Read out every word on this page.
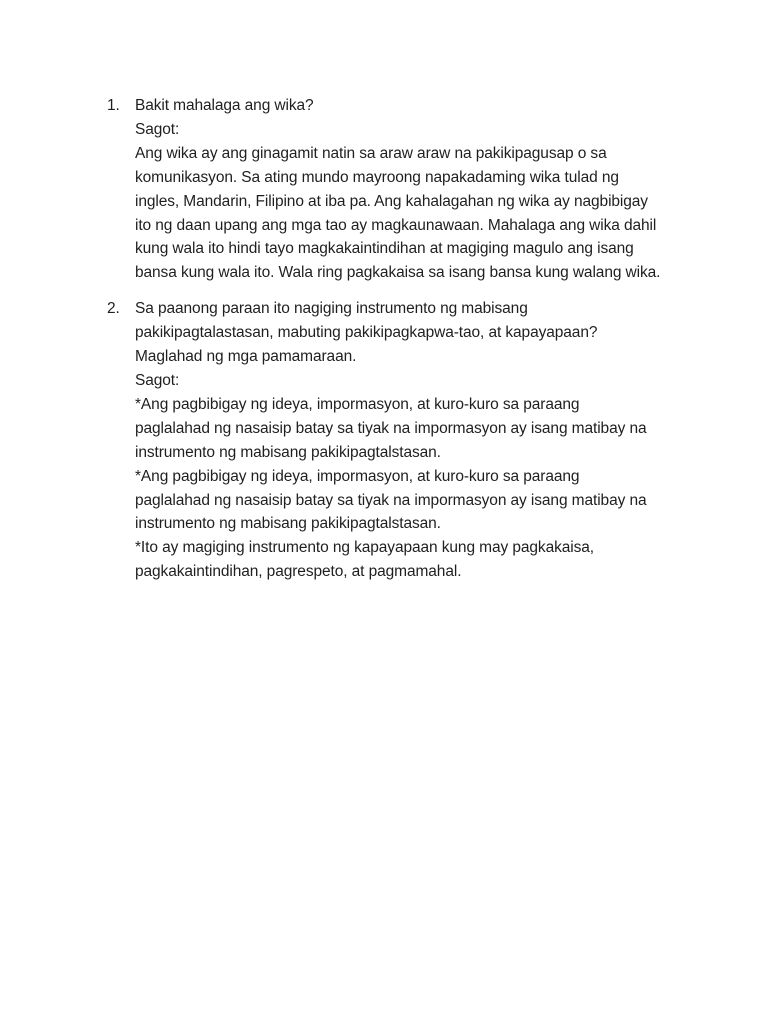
1. Bakit mahalaga ang wika?
Sagot:
Ang wika ay ang ginagamit natin sa araw araw na pakikipagusap o sa
komunikasyon. Sa ating mundo mayroong napakadaming wika tulad ng
ingles, Mandarin, Filipino at iba pa. Ang kahalagahan ng wika ay nagbibigay
ito ng daan upang ang mga tao ay magkaunawaan. Mahalaga ang wika dahil
kung wala ito hindi tayo magkakaintindihan at magiging magulo ang isang
bansa kung wala ito. Wala ring pagkakaisa sa isang bansa kung walang wika.
2. Sa paanong paraan ito nagiging instrumento ng mabisang
pakikipagtalastasan, mabuting pakikipagkapwa-tao, at kapayapaan?
Maglahad ng mga pamamaraan.
Sagot:
*Ang pagbibigay ng ideya, impormasyon, at kuro-kuro sa paraang
paglalahad ng nasaisip batay sa tiyak na impormasyon ay isang matibay na
instrumento ng mabisang pakikipagtalstasan.
*Ang pagbibigay ng ideya, impormasyon, at kuro-kuro sa paraang
paglalahad ng nasaisip batay sa tiyak na impormasyon ay isang matibay na
instrumento ng mabisang pakikipagtalstasan.
*Ito ay magiging instrumento ng kapayapaan kung may pagkakaisa,
pagkakaintindihan, pagrespeto, at pagmamahal.
